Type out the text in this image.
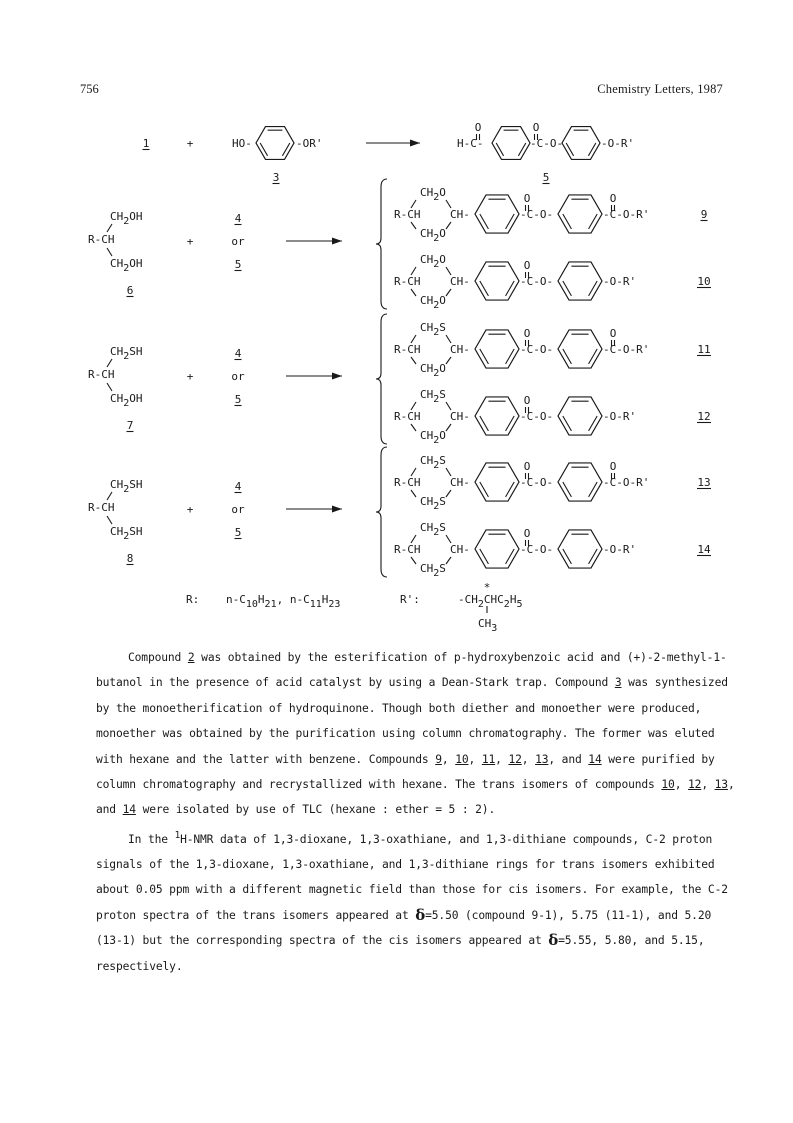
756	Chemistry Letters, 1987
1	+	HO-	-OR'
3
H-C-
O
-C-O-
O
-O-R'
5
CH2OH
R-CH
CH2OH
6
+
4
or
5
CH2O
R-CH	CH-
CH2O
-C-O-
O
-C-O-R'
O
9
CH2O
R-CH	CH-
CH2O
-C-O-
O
-O-R'	10
CH2SH
R-CH
CH2OH
7
+
4
or
5
CH2S
R-CH	CH-
CH2O
-C-O-
O
-C-O-R'
O
11
CH2S
R-CH	CH-
CH2O
-C-O-
O
-O-R'	12
CH2SH
R-CH
CH2SH
8
+
4
or
5
CH2S
R-CH	CH-
CH2S
-C-O-
O
-C-O-R'
O
13
CH2S
R-CH	CH-
CH2S
-C-O-
O
-O-R'	14
R: n-C10H21, n-C11H23	R':	-CH2CHC2H5
*
CH3

Compound 2 was obtained by the esterification of p-hydroxybenzoic acid and (+)-2-methyl-1-butanol in the presence of acid catalyst by using a Dean-Stark trap. Compound 3 was synthesized by the monoetherification of hydroquinone. Though both diether and monoether were produced, monoether was obtained by the purification using column chromatography. The former was eluted with hexane and the latter with benzene. Compounds 9, 10, 11, 12, 13, and 14 were purified by column chromatography and recrystallized with hexane. The trans isomers of compounds 10, 12, 13, and 14 were isolated by use of TLC (hexane : ether = 5 : 2).

In the $^1$H-NMR data of 1,3-dioxane, 1,3-oxathiane, and 1,3-dithiane compounds, C-2 proton signals of the 1,3-dioxane, 1,3-oxathiane, and 1,3-dithiane rings for trans isomers exhibited about 0.05 ppm with a different magnetic field than those for cis isomers. For example, the C-2 proton spectra of the trans isomers appeared at δ=5.50 (compound 9-1), 5.75 (11-1), and 5.20 (13-1) but the corresponding spectra of the cis isomers appeared at δ=5.55, 5.80, and 5.15, respectively.
